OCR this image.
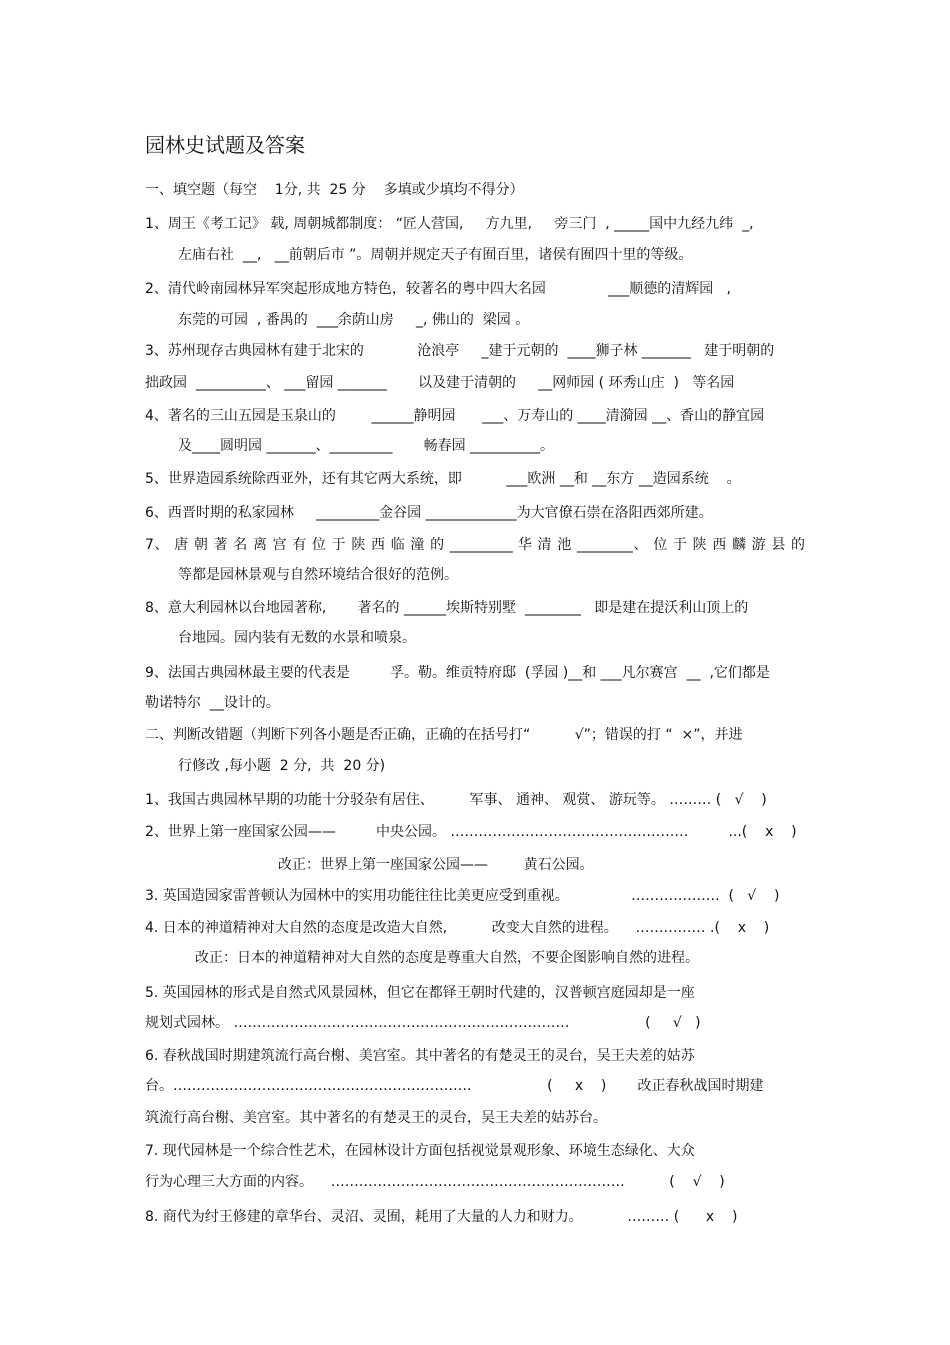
园林史试题及答案
一、填空题（每空    1分, 共  25 分    多填或少填均不得分）
1、周王《考工记》 载, 周朝城都制度： “匠人营国,     方九里,     旁三门  , _____国中九经九纬  _,
左庙右社  __,   __前朝后市 ”。周朝并规定天子有囿百里，诸侯有囿四十里的等级。
2、清代岭南园林异军突起形成地方特色，较著名的粤中四大名园              ___顺德的清辉园   ,
东莞的可园  , 番禺的  ___余荫山房     _, 佛山的  梁园 。
3、苏州现存古典园林有建于北宋的            沧浪亭     _建于元朝的  ____狮子林 _______   建于明朝的
拙政园  __________、 ___留园 _______       以及建于清朝的     __网师园 ( 环秀山庄  )   等名园
4、著名的三山五园是玉泉山的        ______静明园      ___、万寿山的 ____清漪园 __、香山的静宜园
及____圆明园 _______、_________       畅春园 __________。
5、世界造园系统除西亚外，还有其它两大系统，即          ___欧洲 __和 __东方 __造园系统    。
6、西晋时期的私家园林     _________金谷园 _____________为大官僚石崇在洛阳西郊所建。
7、 唐 朝 著 名 离 宫 有 位 于 陕 西 临 潼 的 _________ 华 清 池 ________、 位 于 陕 西 麟 游 县 的
等都是园林景观与自然环境结合很好的范例。
8、意大利园林以台地园著称,       著名的 ______埃斯特别墅  ________   即是建在提沃利山顶上的
台地园。园内装有无数的水景和喷泉。
9、法国古典园林最主要的代表是         孚。勒。维贡特府邸  (孚园 )__和 ___凡尔赛宫  __  ,它们都是
勒诺特尔  __设计的。
二、判断改错题（判断下列各小题是否正确，正确的在括号打“          √”；错误的打 “  ×”，并进
行修改 ,每小题  2 分,  共  20 分)
1、我国古典园林早期的功能十分驳杂有居住、        军事、 通神、 观赏、 游玩等。 ……… (   √    )
2、世界上第一座国家公园——         中央公园。 ……………………………………………         ...(    x    )
改正：世界上第一座国家公园——        黄石公园。
3. 英国造园家雷普顿认为园林中的实用功能往往比美更应受到重视。              ……………….  (   √    )
4. 日本的神道精神对大自然的态度是改造大自然,          改变大自然的进程。    …………… .(    x    )
改正：日本的神道精神对大自然的态度是尊重大自然，不要企图影响自然的进程。
5. 英国园林的形式是自然式风景园林，但它在都铎王朝时代建的，汉普顿宫庭园却是一座
规划式园林。 ………………………………………………………………                 (     √   )
6. 春秋战国时期建筑流行高台榭、美宫室。其中著名的有楚灵王的灵台，吴王夫差的姑苏
台。……………………………………………………….                 (     x    )       改正春秋战国时期建
筑流行高台榭、美宫室。其中著名的有楚灵王的灵台，吴王夫差的姑苏台。
7. 现代园林是一个综合性艺术，在园林设计方面包括视觉景观形象、环境生态绿化、大众
行为心理三大方面的内容。    ………………………………………………………          (    √    )
8. 商代为纣王修建的章华台、灵沼、灵囿，耗用了大量的人力和财力。          ……… (      x    )
